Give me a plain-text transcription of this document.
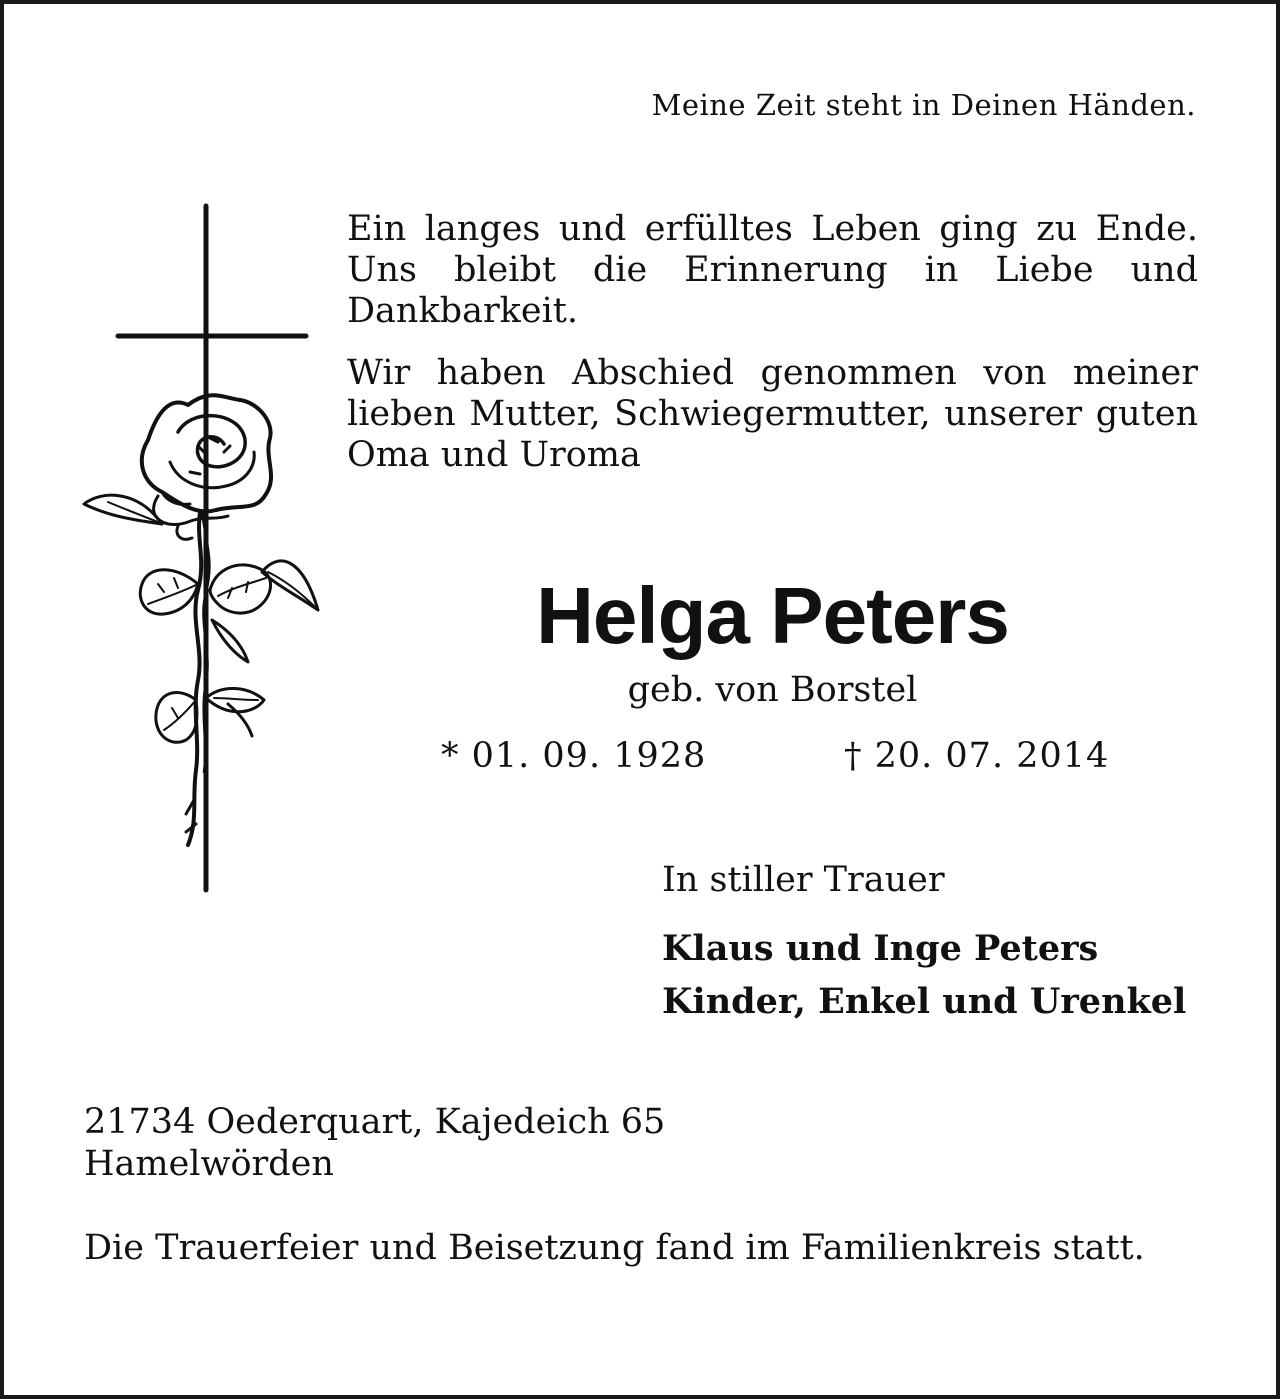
Meine Zeit steht in Deinen Händen.

Ein langes und erfülltes Leben ging zu Ende. Uns bleibt die Erinnerung in Liebe und Dankbarkeit.

Wir haben Abschied genommen von meiner lieben Mutter, Schwiegermutter, unserer guten Oma und Uroma

Helga Peters
geb. von Borstel
* 01. 09. 1928	† 20. 07. 2014
In stiller Trauer
Klaus und Inge Peters
Kinder, Enkel und Urenkel
21734 Oederquart, Kajedeich 65
Hamelwörden
Die Trauerfeier und Beisetzung fand im Familienkreis statt.
